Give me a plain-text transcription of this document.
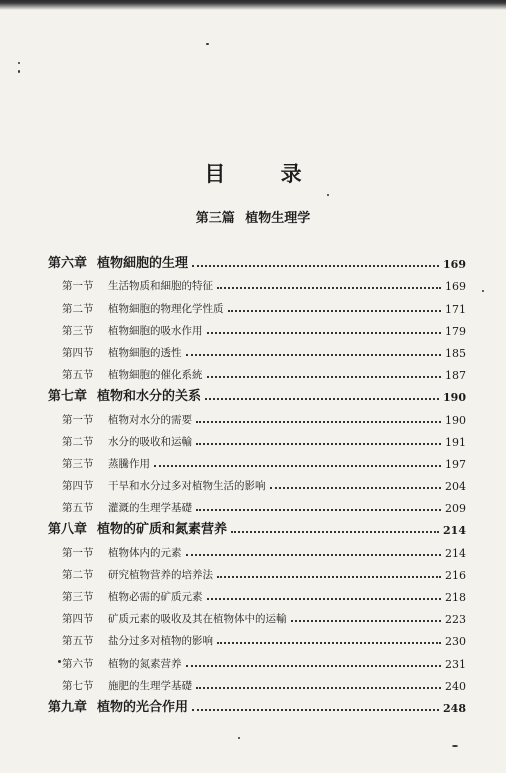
目 录
第三篇 植物生理学
第六章 植物細胞的生理	169
第一节	生活物质和細胞的特征	169
第二节	植物細胞的物理化学性质	171
第三节	植物細胞的吸水作用	179
第四节	植物細胞的透性	185
第五节	植物細胞的催化系統	187
第七章 植物和水分的关系	190
第一节	植物对水分的需要	190
第二节	水分的吸收和运輸	191
第三节	蒸騰作用	197
第四节	干旱和水分过多对植物生活的影响	204
第五节	灌溉的生理学基礎	209
第八章 植物的矿质和氮素营养	214
第一节	植物体内的元素	214
第二节	研究植物营养的培养法	216
第三节	植物必需的矿质元素	218
第四节	矿质元素的吸收及其在植物体中的运輸	223
第五节	盐分过多对植物的影响	230
第六节	植物的氮素营养	231
第七节	施肥的生理学基礎	240
第九章 植物的光合作用	248
